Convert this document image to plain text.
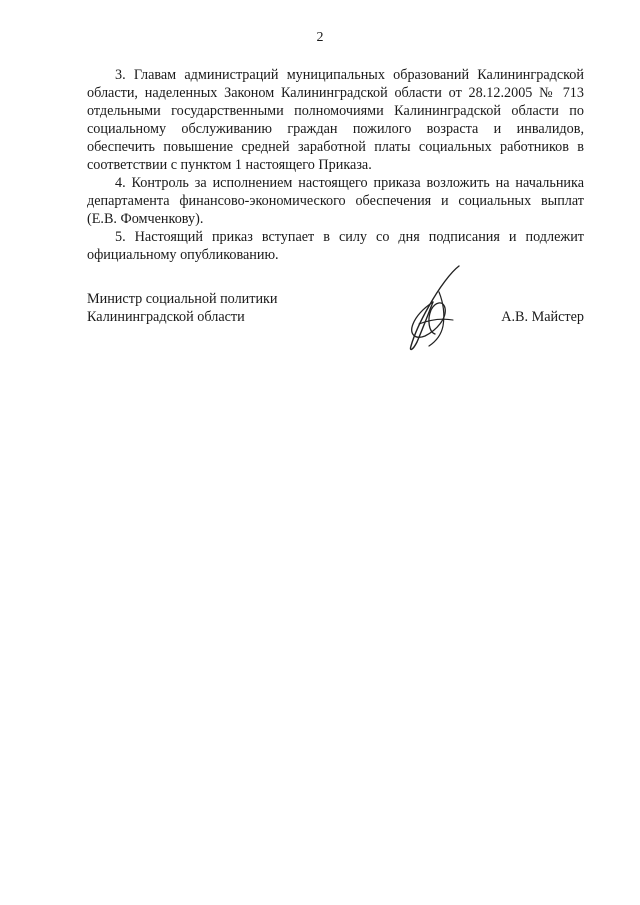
2

3. Главам администраций муниципальных образований Калининградской области, наделенных Законом Калининградской области от 28.12.2005 № 713 отдельными государственными полномочиями Калининградской области по социальному обслуживанию граждан пожилого возраста и инвалидов, обеспечить повышение средней заработной платы социальных работников в соответствии с пунктом 1 настоящего Приказа.

4. Контроль за исполнением настоящего приказа возложить на начальника департамента финансово-экономического обеспечения и социальных выплат (Е.В. Фомченкову).

5. Настоящий приказ вступает в силу со дня подписания и подлежит официальному опубликованию.

Министр социальной политики
Калининградской области	А.В. Майстер
